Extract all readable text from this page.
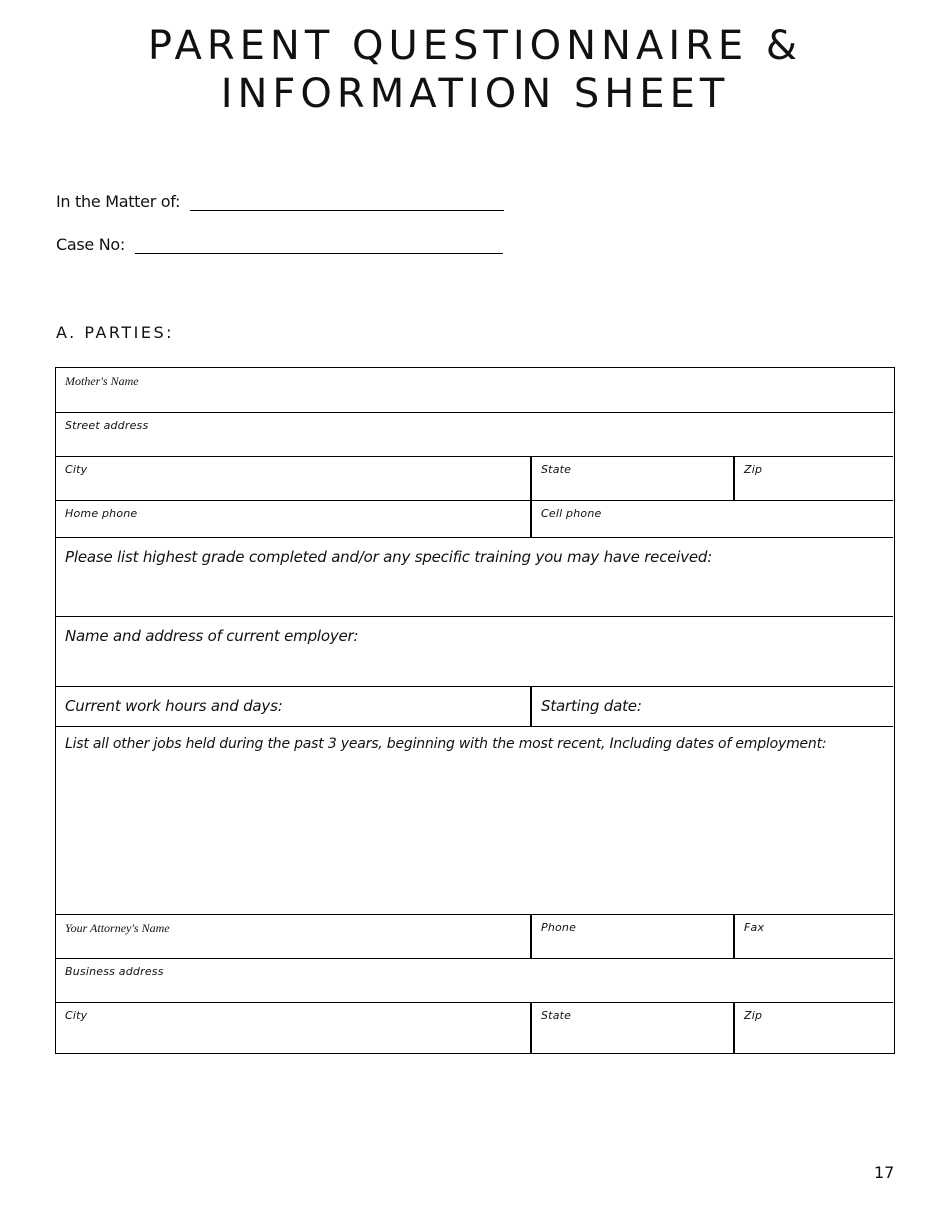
PARENT QUESTIONNAIRE &
INFORMATION SHEET
In the Matter of:
Case No:
A. PARTIES:
Mother's Name
Street address
City	State	Zip
Home phone	Cell phone
Please list highest grade completed and/or any specific training you may have received:
Name and address of current employer:
Current work hours and days:	Starting date:
List all other jobs held during the past 3 years, beginning with the most recent, Including dates of employment:
Your Attorney's Name	Phone	Fax
Business address
City	State	Zip
17
